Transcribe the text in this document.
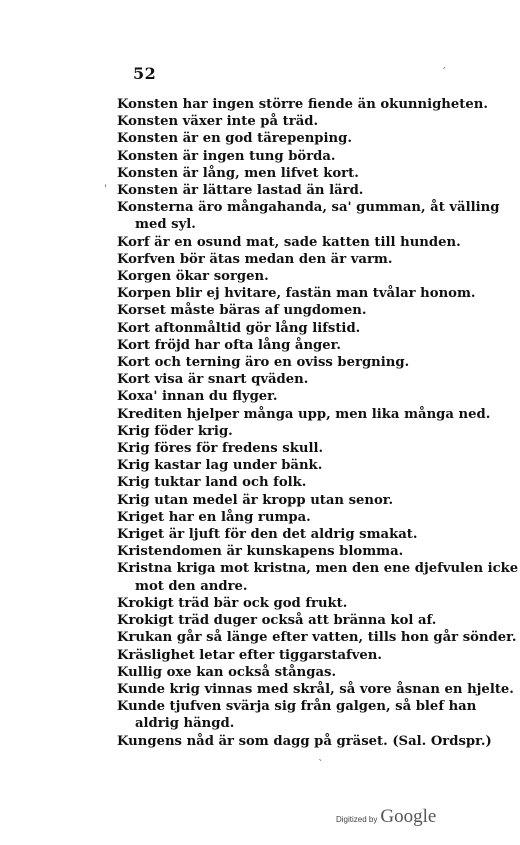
52
Konsten har ingen större fiende än okunnigheten.
Konsten växer inte på träd.
Konsten är en god tärepenping.
Konsten är ingen tung börda.
Konsten är lång, men lifvet kort.
Konsten är lättare lastad än lärd.
Konsterna äro mångahanda, sa' gumman, åt välling
med syl.
Korf är en osund mat, sade katten till hunden.
Korfven bör ätas medan den är varm.
Korgen ökar sorgen.
Korpen blir ej hvitare, fastän man tvålar honom.
Korset måste bäras af ungdomen.
Kort aftonmåltid gör lång lifstid.
Kort fröjd har ofta lång ånger.
Kort och terning äro en oviss bergning.
Kort visa är snart qväden.
Koxa' innan du flyger.
Krediten hjelper många upp, men lika många ned.
Krig föder krig.
Krig föres för fredens skull.
Krig kastar lag under bänk.
Krig tuktar land och folk.
Krig utan medel är kropp utan senor.
Kriget har en lång rumpa.
Kriget är ljuft för den det aldrig smakat.
Kristendomen är kunskapens blomma.
Kristna kriga mot kristna, men den ene djefvulen icke
mot den andre.
Krokigt träd bär ock god frukt.
Krokigt träd duger också att bränna kol af.
Krukan går så länge efter vatten, tills hon går sönder.
Kräslighet letar efter tiggarstafven.
Kullig oxe kan också stångas.
Kunde krig vinnas med skrål, så vore åsnan en hjelte.
Kunde tjufven svärja sig från galgen, så blef han
aldrig hängd.
Kungens nåd är som dagg på gräset. (Sal. Ordspr.)
ˊ
ˈ
ˋ
Digitized by Google
